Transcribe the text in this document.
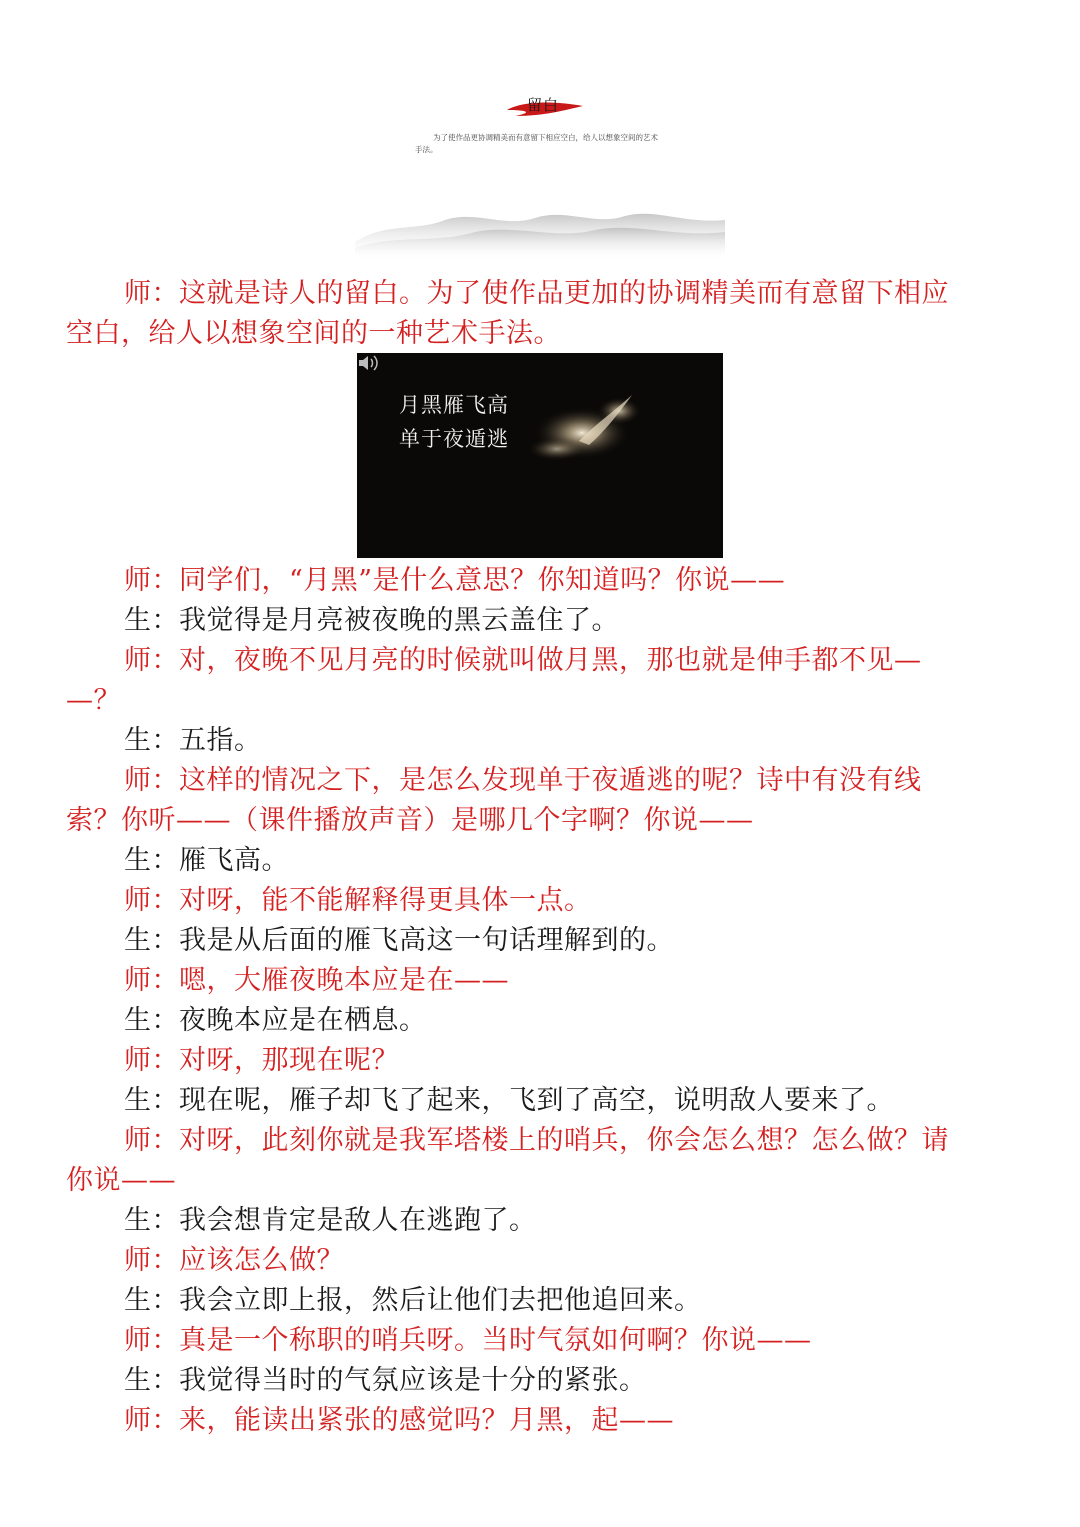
留白
为了使作品更协调精美而有意留下相应空白，给人以想象空间的艺术手法。
师：这就是诗人的留白。为了使作品更加的协调精美而有意留下相应
空白，给人以想象空间的一种艺术手法。
月黑雁飞高
单于夜遁逃
师：同学们，“月黑”是什么意思？你知道吗？你说——
生：我觉得是月亮被夜晚的黑云盖住了。
师：对，夜晚不见月亮的时候就叫做月黑，那也就是伸手都不见—
—？
生：五指。
师：这样的情况之下，是怎么发现单于夜遁逃的呢？诗中有没有线
索？你听——（课件播放声音）是哪几个字啊？你说——
生：雁飞高。
师：对呀，能不能解释得更具体一点。
生：我是从后面的雁飞高这一句话理解到的。
师：嗯，大雁夜晚本应是在——
生：夜晚本应是在栖息。
师：对呀，那现在呢？
生：现在呢，雁子却飞了起来，飞到了高空，说明敌人要来了。
师：对呀，此刻你就是我军塔楼上的哨兵，你会怎么想？怎么做？请
你说——
生：我会想肯定是敌人在逃跑了。
师：应该怎么做？
生：我会立即上报，然后让他们去把他追回来。
师：真是一个称职的哨兵呀。当时气氛如何啊？你说——
生：我觉得当时的气氛应该是十分的紧张。
师：来，能读出紧张的感觉吗？月黑，起——
